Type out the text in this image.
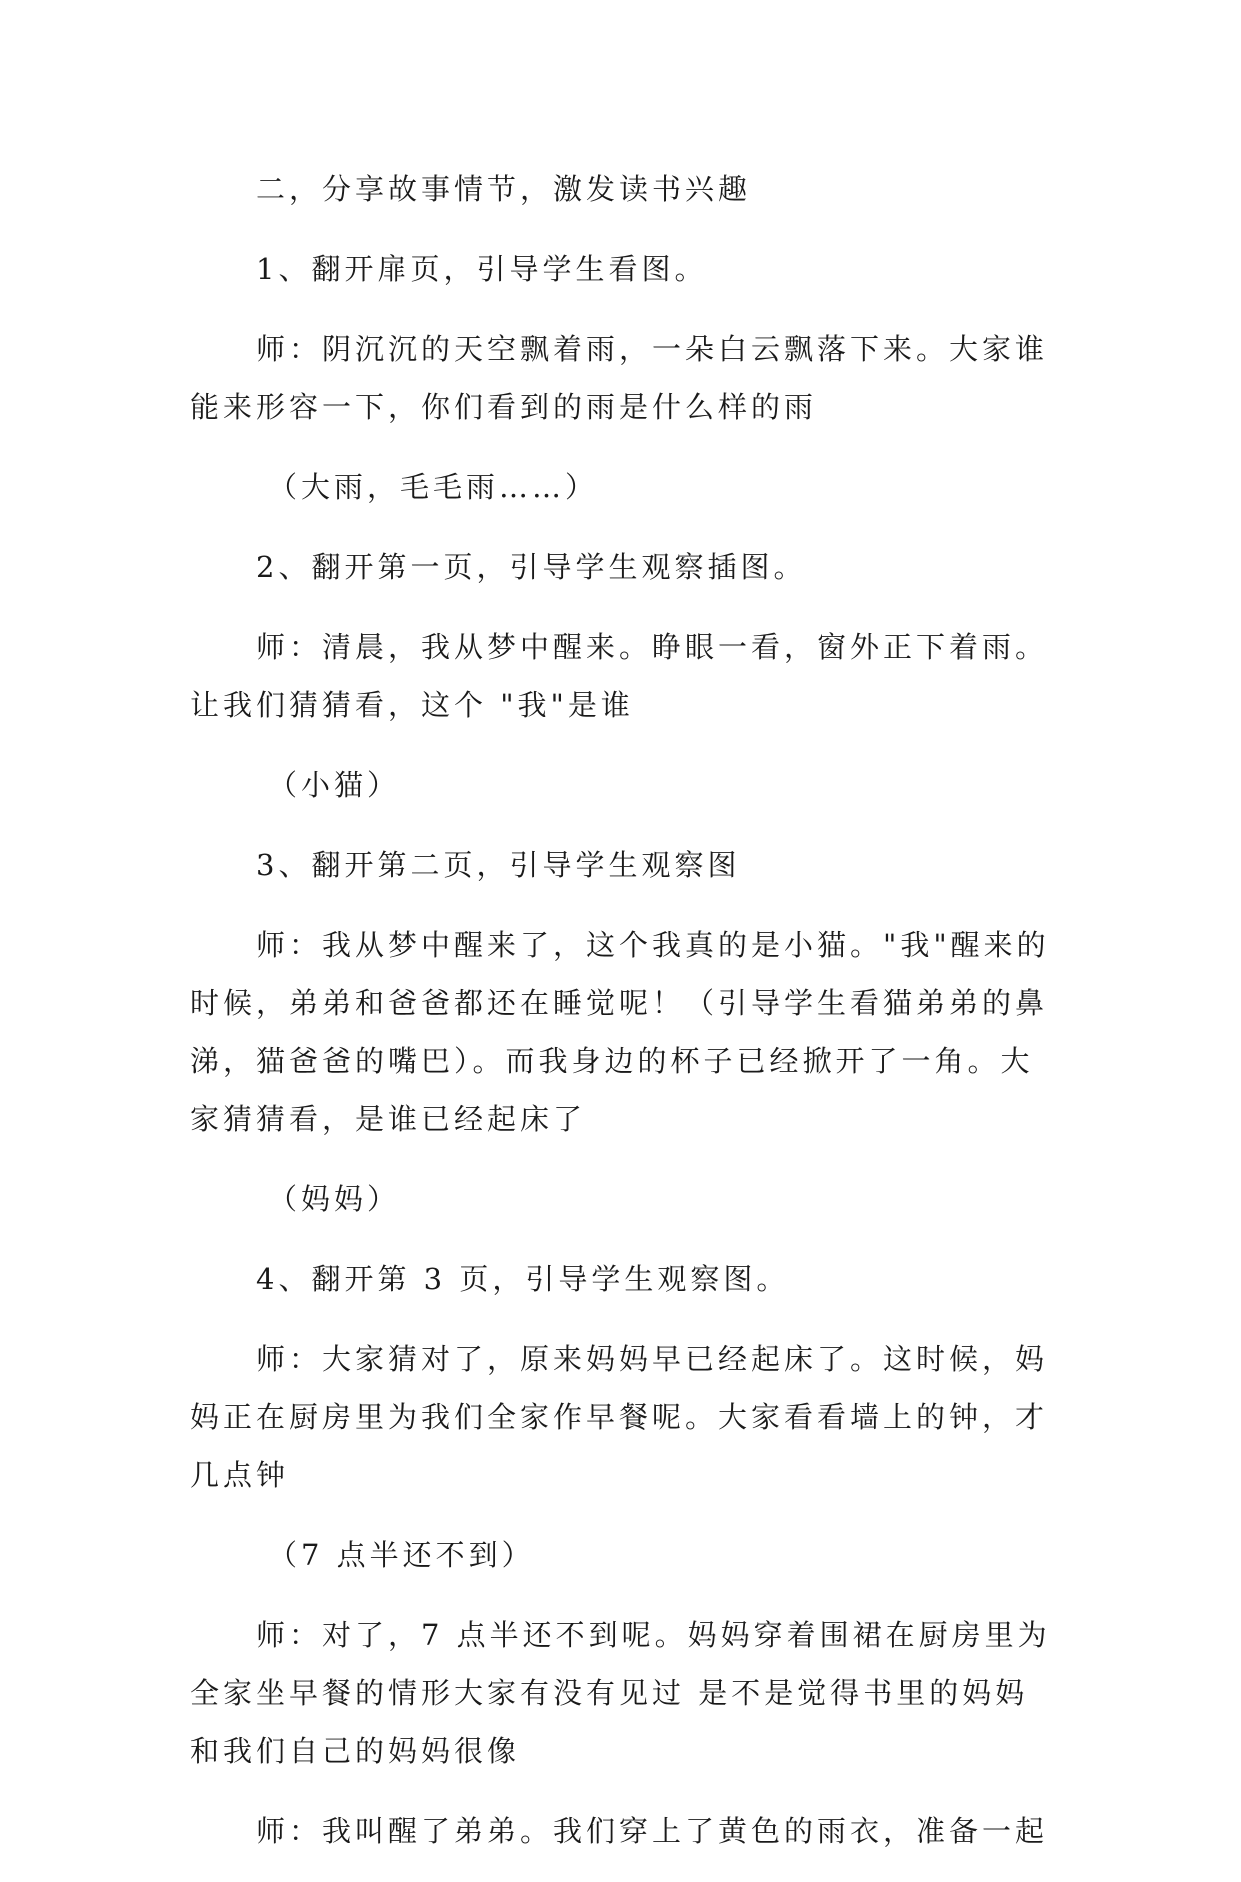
二，分享故事情节，激发读书兴趣
1、翻开扉页，引导学生看图。
师：阴沉沉的天空飘着雨，一朵白云飘落下来。大家谁
能来形容一下，你们看到的雨是什么样的雨
（大雨，毛毛雨……）
2、翻开第一页，引导学生观察插图。
师：清晨，我从梦中醒来。睁眼一看，窗外正下着雨。
让我们猜猜看，这个 "我"是谁
（小猫）
3、翻开第二页，引导学生观察图
师：我从梦中醒来了，这个我真的是小猫。"我"醒来的
时候，弟弟和爸爸都还在睡觉呢！（引导学生看猫弟弟的鼻
涕，猫爸爸的嘴巴）。而我身边的杯子已经掀开了一角。大
家猜猜看，是谁已经起床了
（妈妈）
4、翻开第 3 页，引导学生观察图。
师：大家猜对了，原来妈妈早已经起床了。这时候，妈
妈正在厨房里为我们全家作早餐呢。大家看看墙上的钟，才
几点钟
（7 点半还不到）
师：对了，7 点半还不到呢。妈妈穿着围裙在厨房里为
全家坐早餐的情形大家有没有见过 是不是觉得书里的妈妈
和我们自己的妈妈很像
师：我叫醒了弟弟。我们穿上了黄色的雨衣，准备一起
